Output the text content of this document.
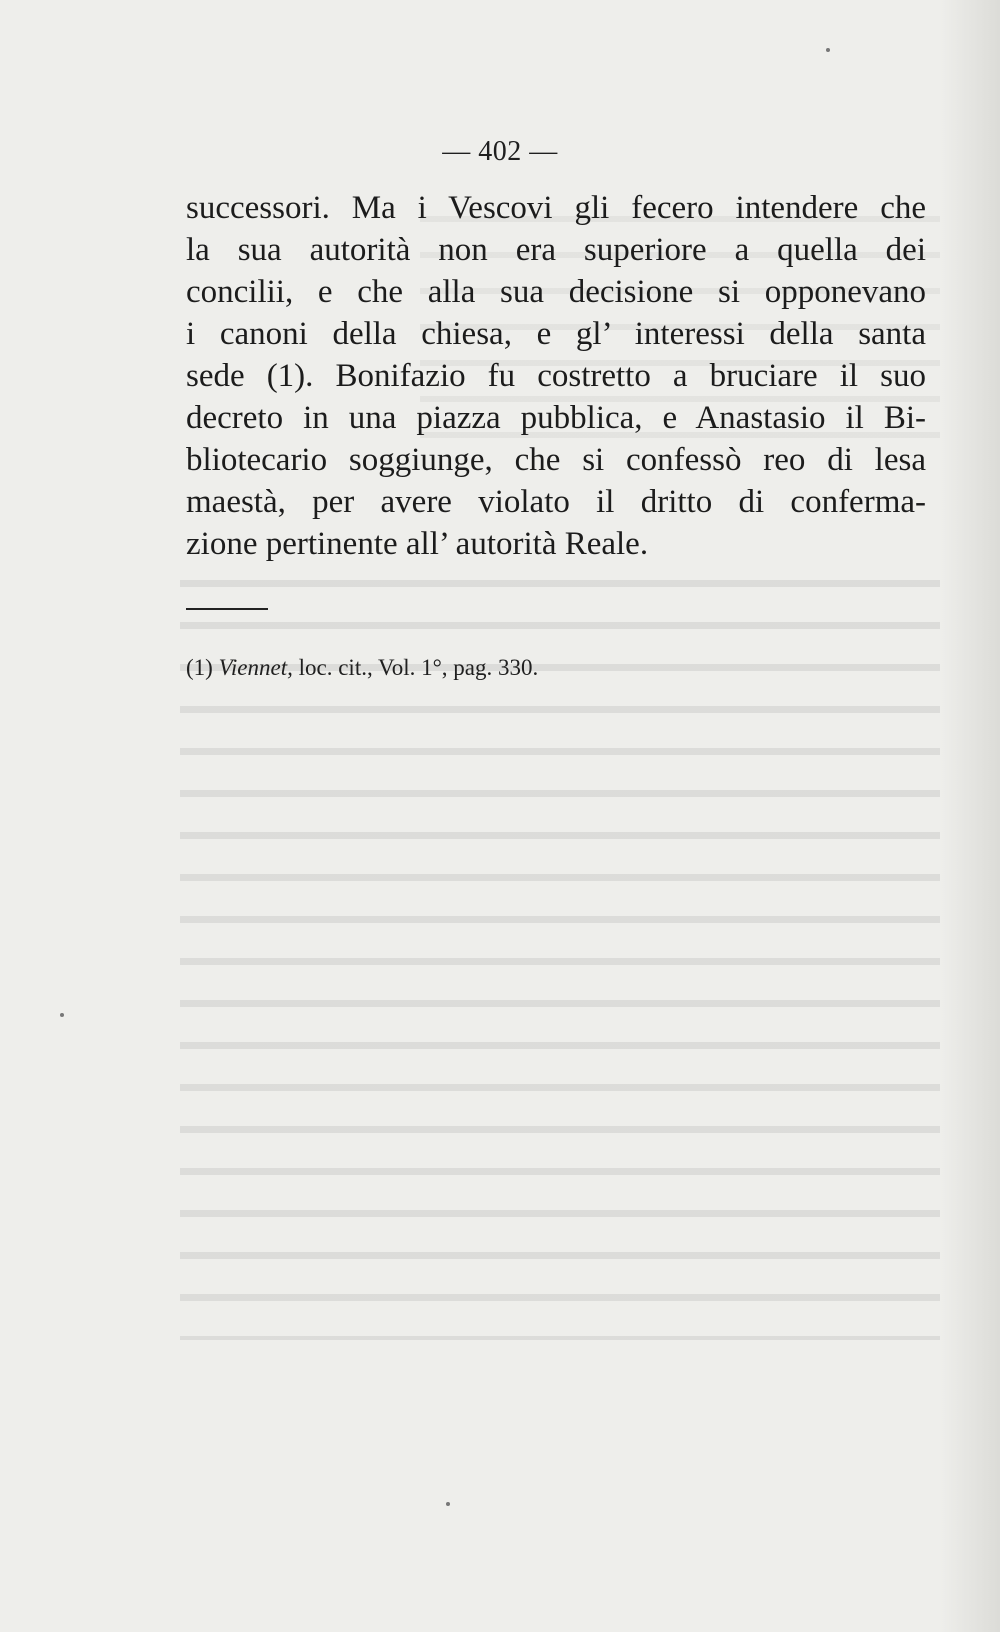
— 402 —
successori. Ma i Vescovi gli fecero intendere che
la sua autorità non era superiore a quella dei
concilii, e che alla sua decisione si opponevano
i canoni della chiesa, e gl’ interessi della santa
sede (1). Bonifazio fu costretto a bruciare il suo
decreto in una piazza pubblica, e Anastasio il Bi-
bliotecario soggiunge, che si confessò reo di lesa
maestà, per avere violato il dritto di conferma-
zione pertinente all’ autorità Reale.
(1) Viennet, loc. cit., Vol. 1°, pag. 330.
